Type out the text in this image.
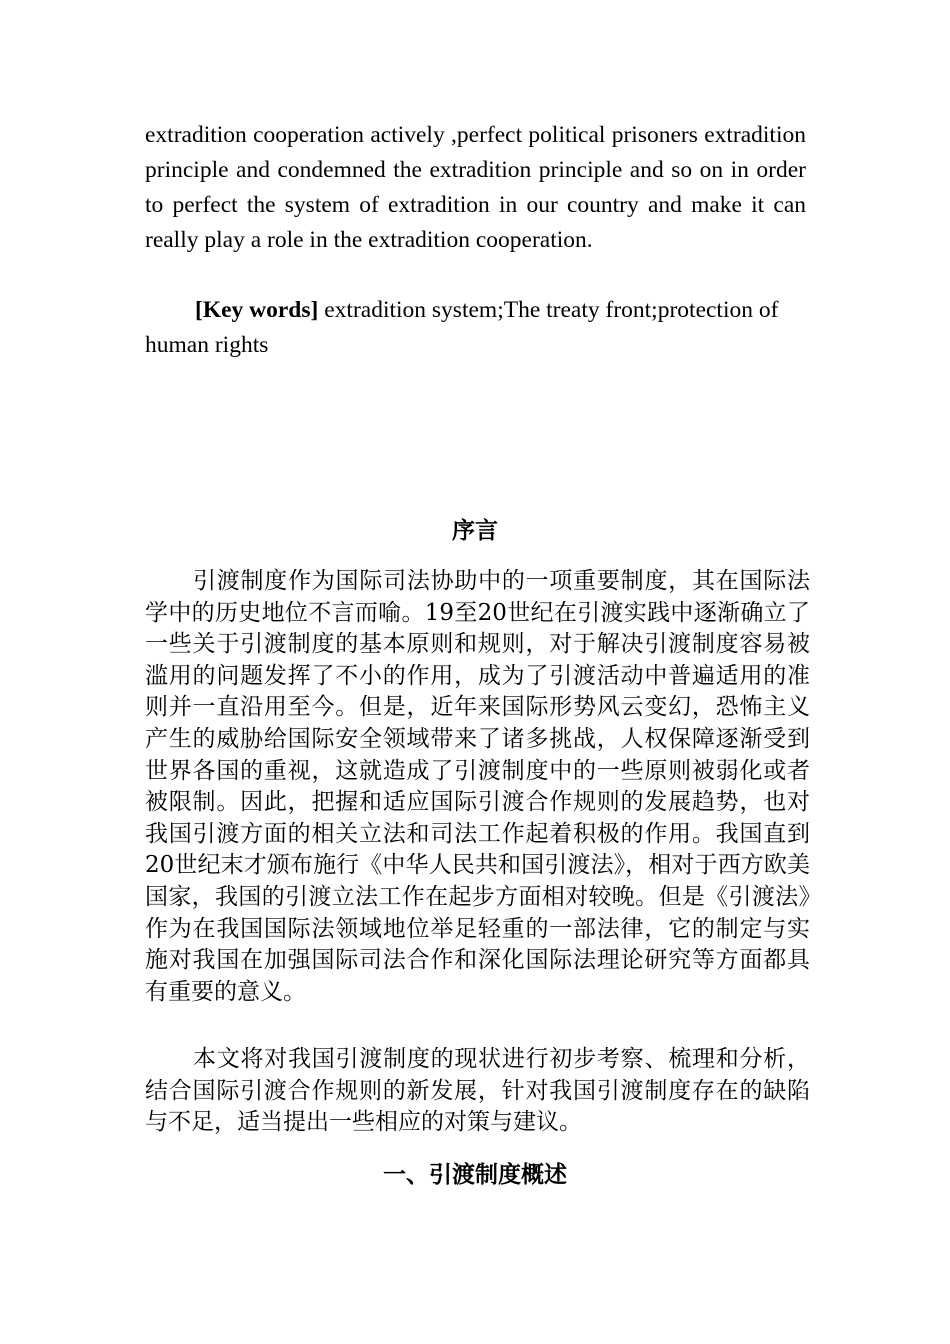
extradition cooperation actively ,perfect political prisoners extradition principle and condemned the extradition principle and so on in order to perfect the system of extradition in our country and make it can really play a role in the extradition cooperation.

[Key words] extradition system;The treaty front;protection of human rights

序言

引渡制度作为国际司法协助中的一项重要制度，其在国际法学中的历史地位不言而喻。19至20世纪在引渡实践中逐渐确立了一些关于引渡制度的基本原则和规则，对于解决引渡制度容易被滥用的问题发挥了不小的作用，成为了引渡活动中普遍适用的准则并一直沿用至今。但是，近年来国际形势风云变幻，恐怖主义产生的威胁给国际安全领域带来了诸多挑战，人权保障逐渐受到世界各国的重视，这就造成了引渡制度中的一些原则被弱化或者被限制。因此，把握和适应国际引渡合作规则的发展趋势，也对我国引渡方面的相关立法和司法工作起着积极的作用。我国直到20世纪末才颁布施行《中华人民共和国引渡法》，相对于西方欧美国家，我国的引渡立法工作在起步方面相对较晚。但是《引渡法》作为在我国国际法领域地位举足轻重的一部法律，它的制定与实施对我国在加强国际司法合作和深化国际法理论研究等方面都具有重要的意义。

本文将对我国引渡制度的现状进行初步考察、梳理和分析，结合国际引渡合作规则的新发展，针对我国引渡制度存在的缺陷与不足，适当提出一些相应的对策与建议。

一、引渡制度概述
